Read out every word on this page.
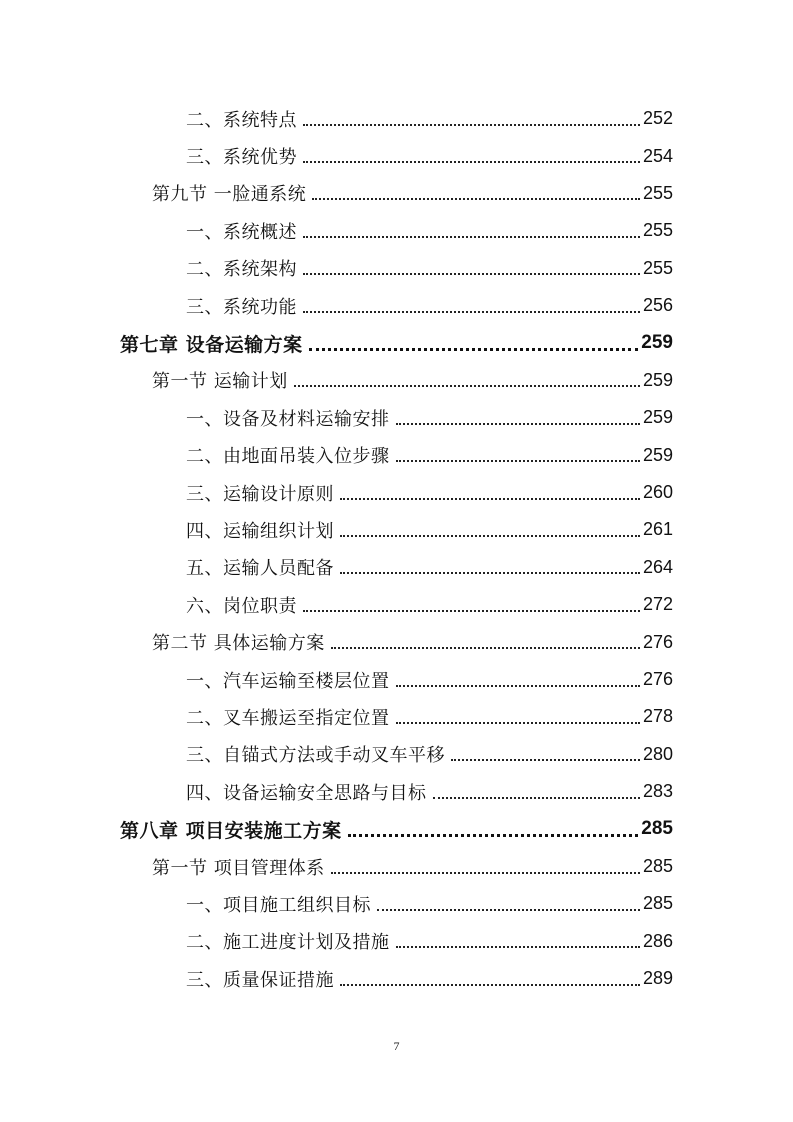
二、系统特点	252
三、系统优势	254
第九节 一脸通系统	255
一、系统概述	255
二、系统架构	255
三、系统功能	256
第七章 设备运输方案	259
第一节 运输计划	259
一、设备及材料运输安排	259
二、由地面吊装入位步骤	259
三、运输设计原则	260
四、运输组织计划	261
五、运输人员配备	264
六、岗位职责	272
第二节 具体运输方案	276
一、汽车运输至楼层位置	276
二、叉车搬运至指定位置	278
三、自锚式方法或手动叉车平移	280
四、设备运输安全思路与目标	283
第八章 项目安装施工方案	285
第一节 项目管理体系	285
一、项目施工组织目标	285
二、施工进度计划及措施	286
三、质量保证措施	289
7
